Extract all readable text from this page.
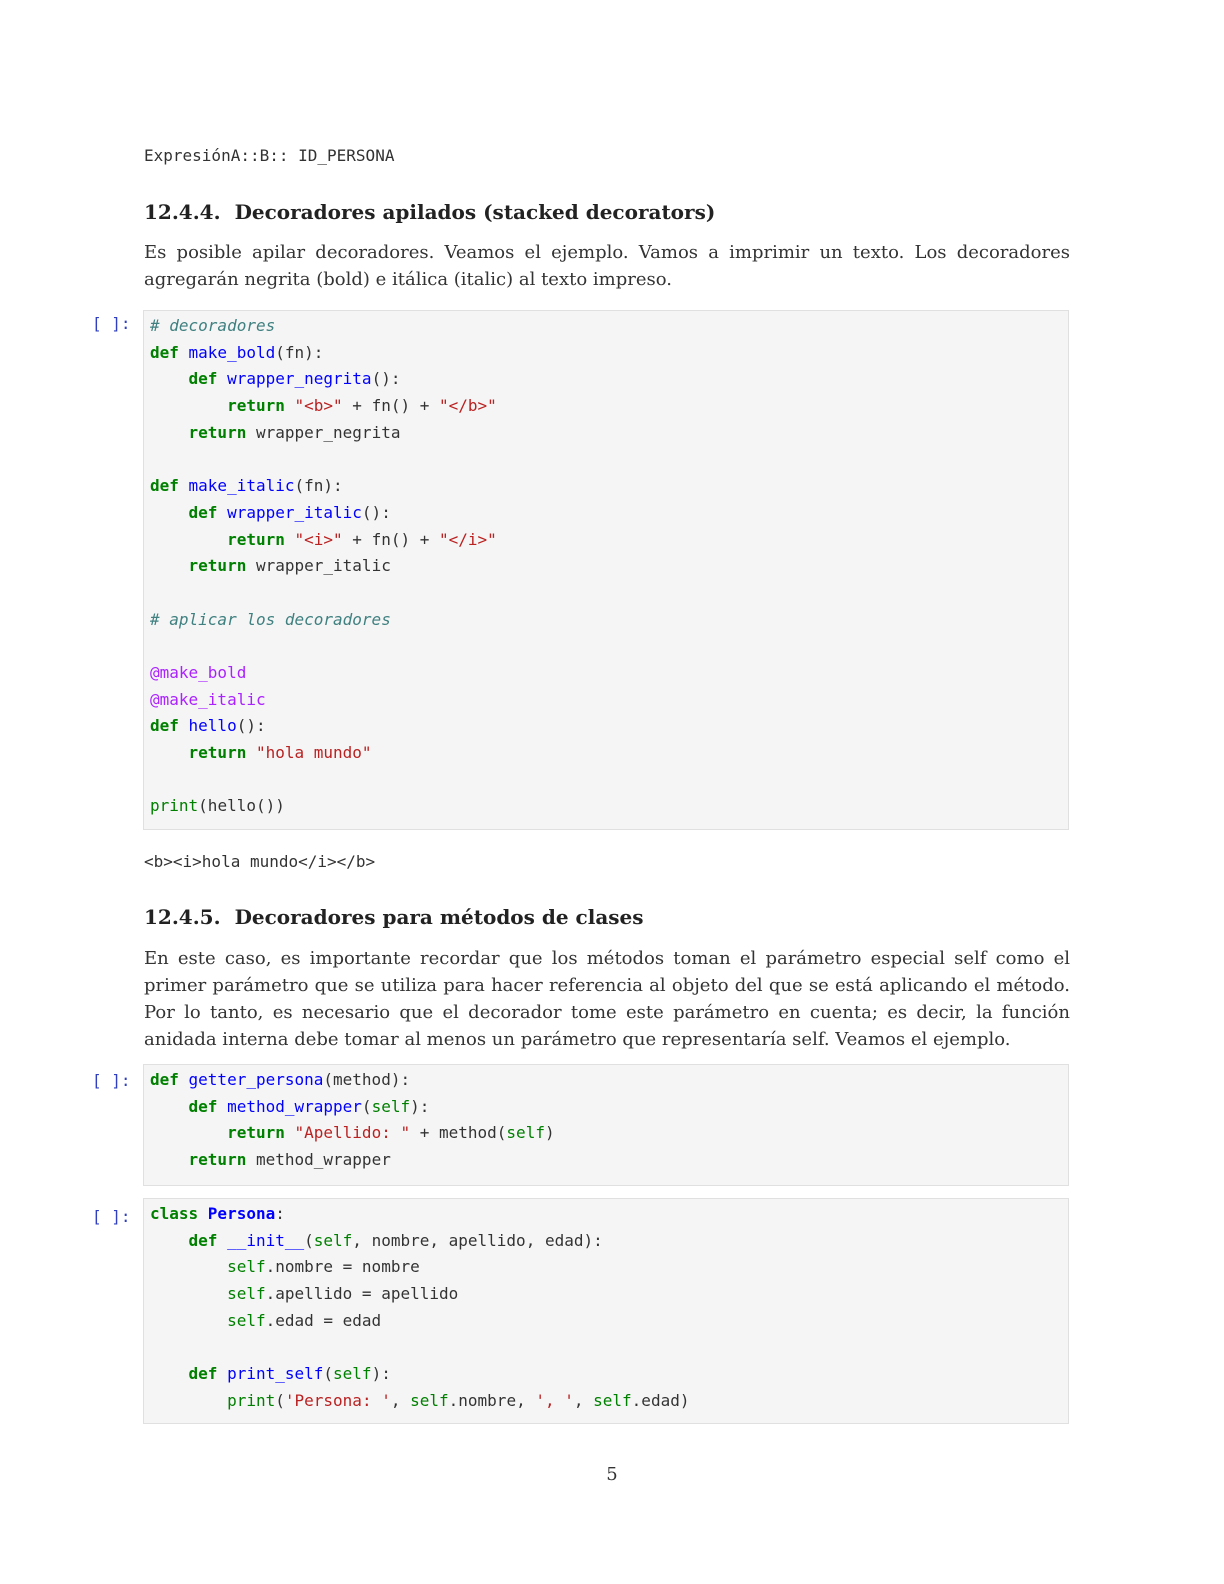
ExpresiónA::B:: ID_PERSONA
12.4.4. Decoradores apilados (stacked decorators)
Es posible apilar decoradores. Veamos el ejemplo. Vamos a imprimir un texto. Los decoradores agregarán negrita (bold) e itálica (italic) al texto impreso.
[ ]: # decoradores
def make_bold(fn):
def wrapper_negrita():
return "<b>" + fn() + "</b>"
return wrapper_negrita
def make_italic(fn):
def wrapper_italic():
return "<i>" + fn() + "</i>"
return wrapper_italic
# aplicar los decoradores
@make_bold
@make_italic
def hello():
return "hola mundo"
print(hello())
<b><i>hola mundo</i></b>
12.4.5. Decoradores para métodos de clases
En este caso, es importante recordar que los métodos toman el parámetro especial self como el primer parámetro que se utiliza para hacer referencia al objeto del que se está aplicando el método. Por lo tanto, es necesario que el decorador tome este parámetro en cuenta; es decir, la función anidada interna debe tomar al menos un parámetro que representaría self. Veamos el ejemplo.
[ ]: def getter_persona(method):
def method_wrapper(self):
return "Apellido: " + method(self)
return method_wrapper
[ ]: class Persona:
def __init__(self, nombre, apellido, edad):
self.nombre = nombre
self.apellido = apellido
self.edad = edad
def print_self(self):
print('Persona: ', self.nombre, ', ', self.edad)
5
